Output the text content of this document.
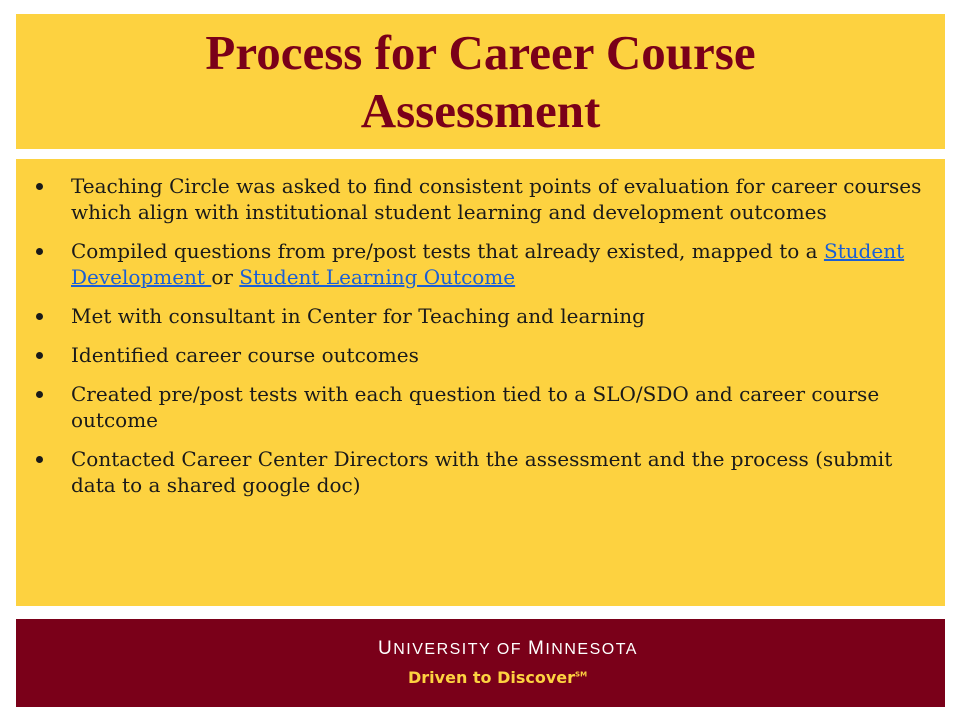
Process for Career Course
Assessment
Teaching Circle was asked to find consistent points of evaluation for career courses which align with institutional student learning and development outcomes
Compiled questions from pre/post tests that already existed, mapped to a Student Development or Student Learning Outcome
Met with consultant in Center for Teaching and learning
Identified career course outcomes
Created pre/post tests with each question tied to a SLO/SDO and career course outcome
Contacted Career Center Directors with the assessment and the process (submit data to a shared google doc)
UNIVERSITY OF MINNESOTA
Driven to Discover℠
